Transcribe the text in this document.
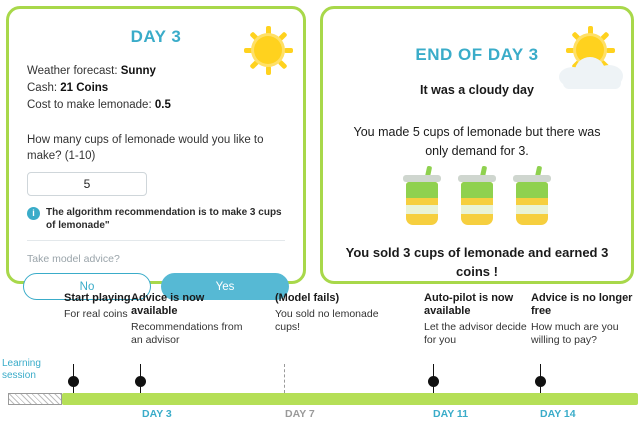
DAY 3
Weather forecast: Sunny
Cash: 21 Coins
Cost to make lemonade: 0.5
How many cups of lemonade would you like to make? (1-10)
5
i	The algorithm recommendation is to make 3 cups of lemonade"
Take model advice?
No	Yes
END OF DAY 3
It was a cloudy day
You made 5 cups of lemonade but there was only demand for 3.
You sold 3 cups of lemonade and earned 3 coins !
Learning session
Start playing
For real coins
Advice is now available
Recommendations from an advisor
(Model fails)
You sold no lemonade cups!
Auto-pilot is now available
Let the advisor decide for you
Advice is no longer free
How much are you willing to pay?
DAY 3	DAY 7	DAY 11	DAY 14
